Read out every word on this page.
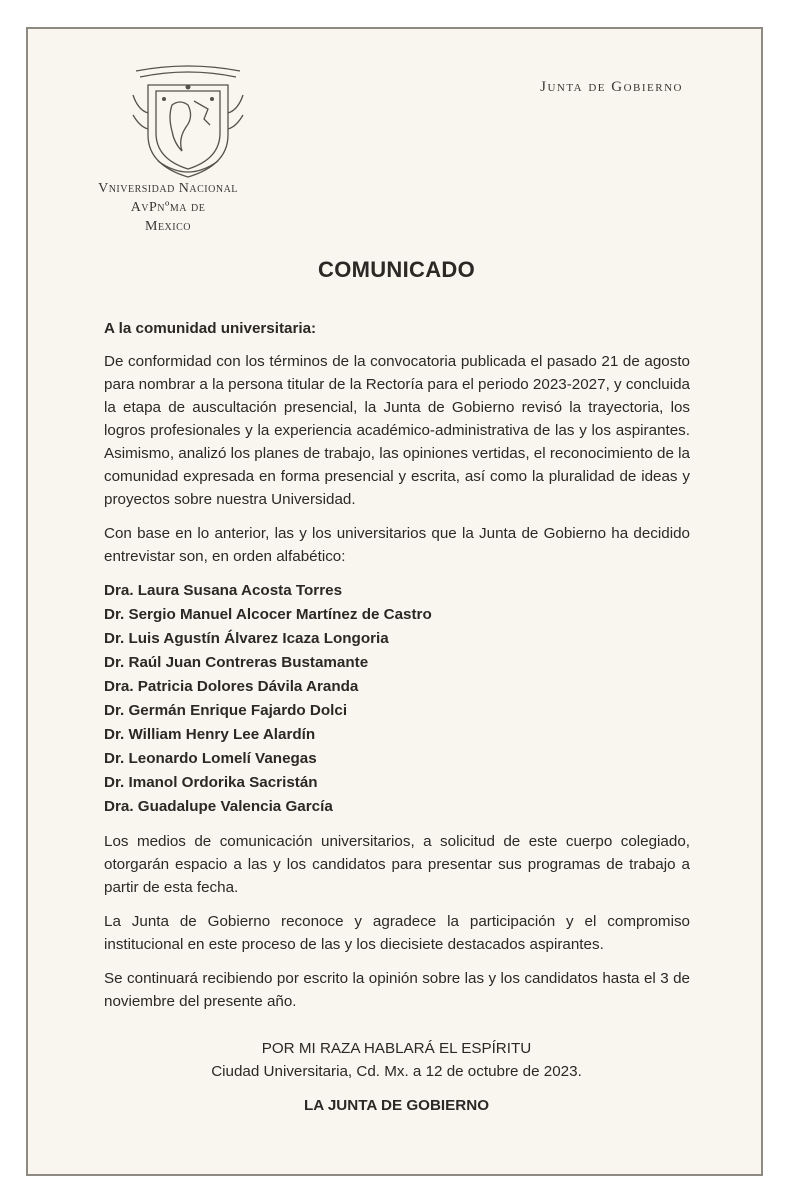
Vniversidad Nacional
AvPnºma de
Mexico
Junta de Gobierno
COMUNICADO

A la comunidad universitaria:

De conformidad con los términos de la convocatoria publicada el pasado 21 de agosto para nombrar a la persona titular de la Rectoría para el periodo 2023-2027, y concluida la etapa de auscultación presencial, la Junta de Gobierno revisó la trayectoria, los logros profesionales y la experiencia académico-administrativa de las y los aspirantes. Asimismo, analizó los planes de trabajo, las opiniones vertidas, el reconocimiento de la comunidad expresada en forma presencial y escrita, así como la pluralidad de ideas y proyectos sobre nuestra Universidad.

Con base en lo anterior, las y los universitarios que la Junta de Gobierno ha decidido entrevistar son, en orden alfabético:

Dra. Laura Susana Acosta Torres
Dr. Sergio Manuel Alcocer Martínez de Castro
Dr. Luis Agustín Álvarez Icaza Longoria
Dr. Raúl Juan Contreras Bustamante
Dra. Patricia Dolores Dávila Aranda
Dr. Germán Enrique Fajardo Dolci
Dr. William Henry Lee Alardín
Dr. Leonardo Lomelí Vanegas
Dr. Imanol Ordorika Sacristán
Dra. Guadalupe Valencia García

Los medios de comunicación universitarios, a solicitud de este cuerpo colegiado, otorgarán espacio a las y los candidatos para presentar sus programas de trabajo a partir de esta fecha.

La Junta de Gobierno reconoce y agradece la participación y el compromiso institucional en este proceso de las y los diecisiete destacados aspirantes.

Se continuará recibiendo por escrito la opinión sobre las y los candidatos hasta el 3 de noviembre del presente año.

POR MI RAZA HABLARÁ EL ESPÍRITU
Ciudad Universitaria, Cd. Mx. a 12 de octubre de 2023.
LA JUNTA DE GOBIERNO
